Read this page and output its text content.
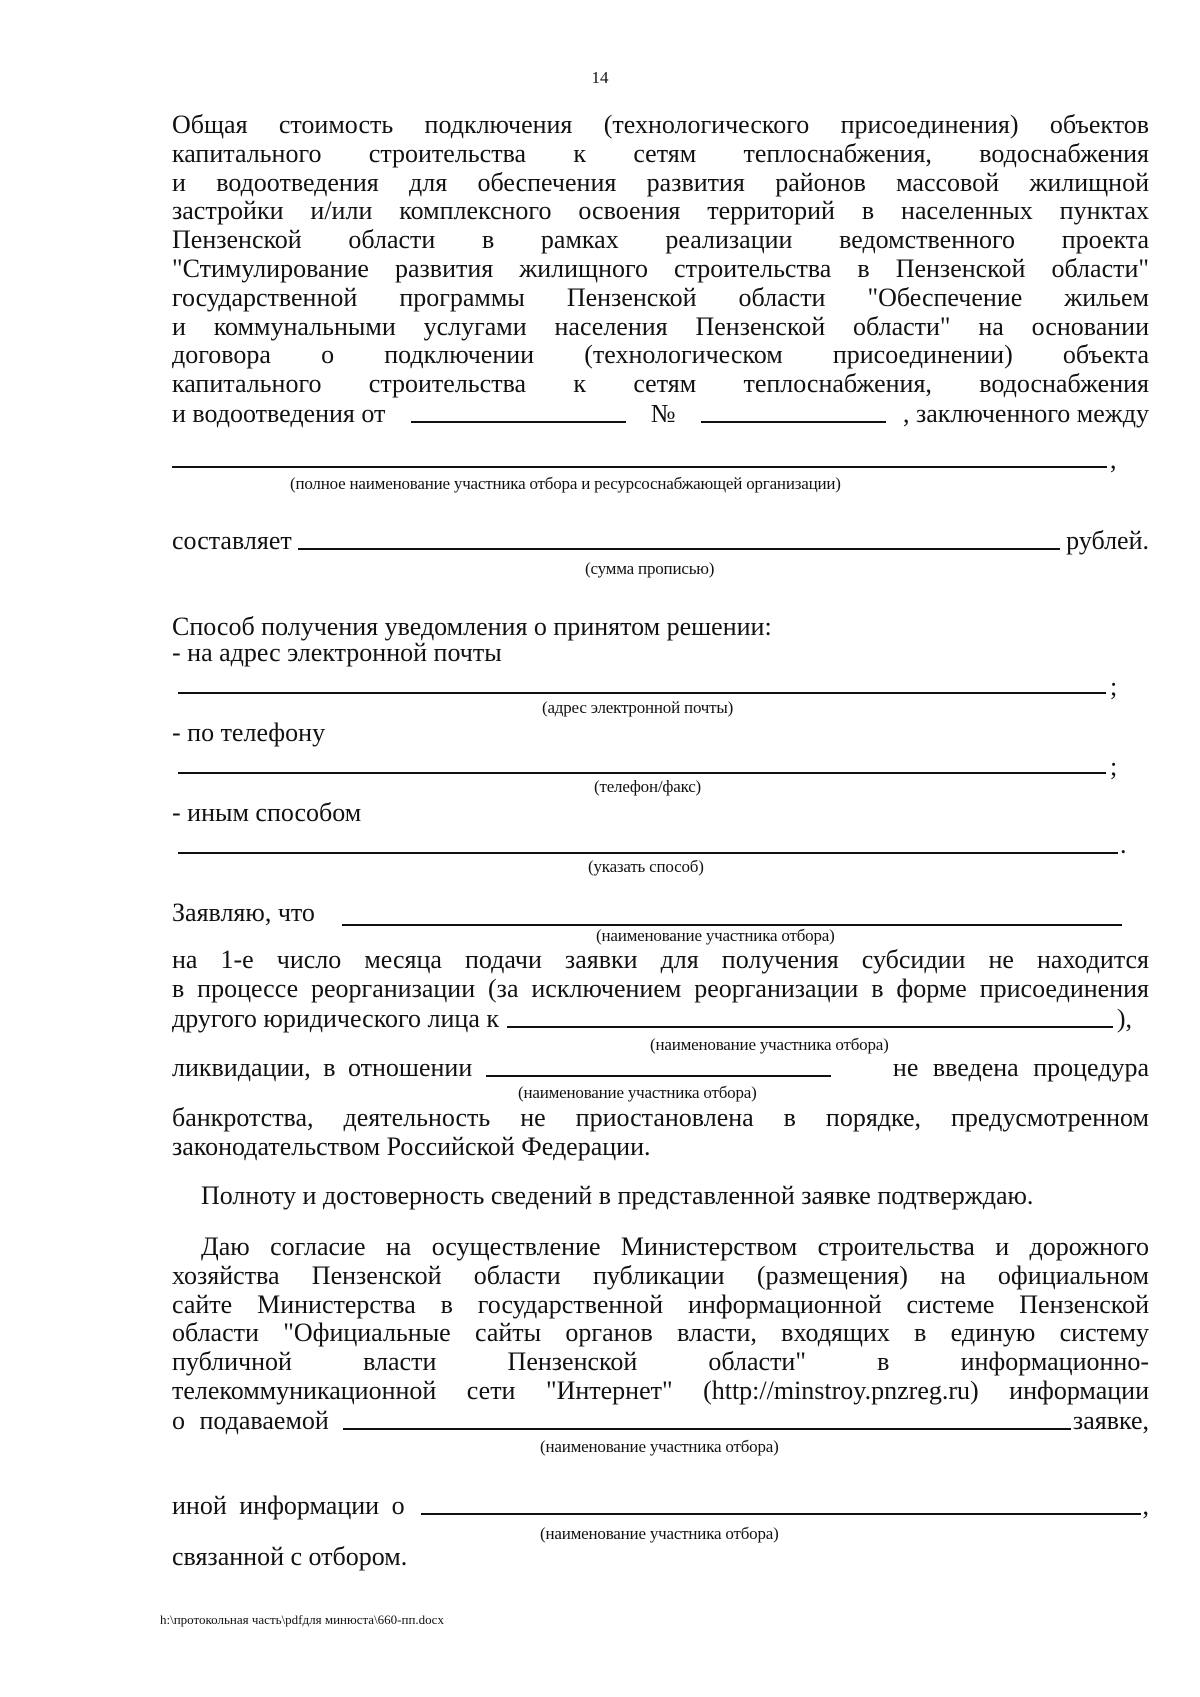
14
Общая стоимость подключения (технологического присоединения) объектов
капитального строительства к сетям теплоснабжения, водоснабжения
и водоотведения для обеспечения развития районов массовой жилищной
застройки и/или комплексного освоения территорий в населенных пунктах
Пензенской области в рамках реализации ведомственного проекта
"Стимулирование развития жилищного строительства в Пензенской области"
государственной программы Пензенской области "Обеспечение жильем
и коммунальными услугами населения Пензенской области" на основании
договора о подключении (технологическом присоединении) объекта
капитального строительства к сетям теплоснабжения, водоснабжения
и водоотведения от	№	, заключенного между
,
(полное наименование участника отбора и ресурсоснабжающей организации)
составляет	рублей.
(сумма прописью)
Способ получения уведомления о принятом решении:
- на адрес электронной почты
;
(адрес электронной почты)
- по телефону
;
(телефон/факс)
- иным способом
.
(указать способ)
Заявляю, что
(наименование участника отбора)
на 1-е число месяца подачи заявки для получения субсидии не находится
в процессе реорганизации (за исключением реорганизации в форме присоединения
другого юридического лица к	),
(наименование участника отбора)
ликвидации, в отношении	не введена процедура
(наименование участника отбора)
банкротства, деятельность не приостановлена в порядке, предусмотренном
законодательством Российской Федерации.
Полноту и достоверность сведений в представленной заявке подтверждаю.
Даю согласие на осуществление Министерством строительства и дорожного
хозяйства Пензенской области публикации (размещения) на официальном
сайте Министерства в государственной информационной системе Пензенской
области "Официальные сайты органов власти, входящих в единую систему
публичной власти Пензенской области" в информационно-
телекоммуникационной сети "Интернет" (http://minstroy.pnzreg.ru) информации
о подаваемой	заявке,
(наименование участника отбора)
иной информации о	,
(наименование участника отбора)
связанной с отбором.
h:\протокольная часть\pdfдля минюста\660-пп.docx
